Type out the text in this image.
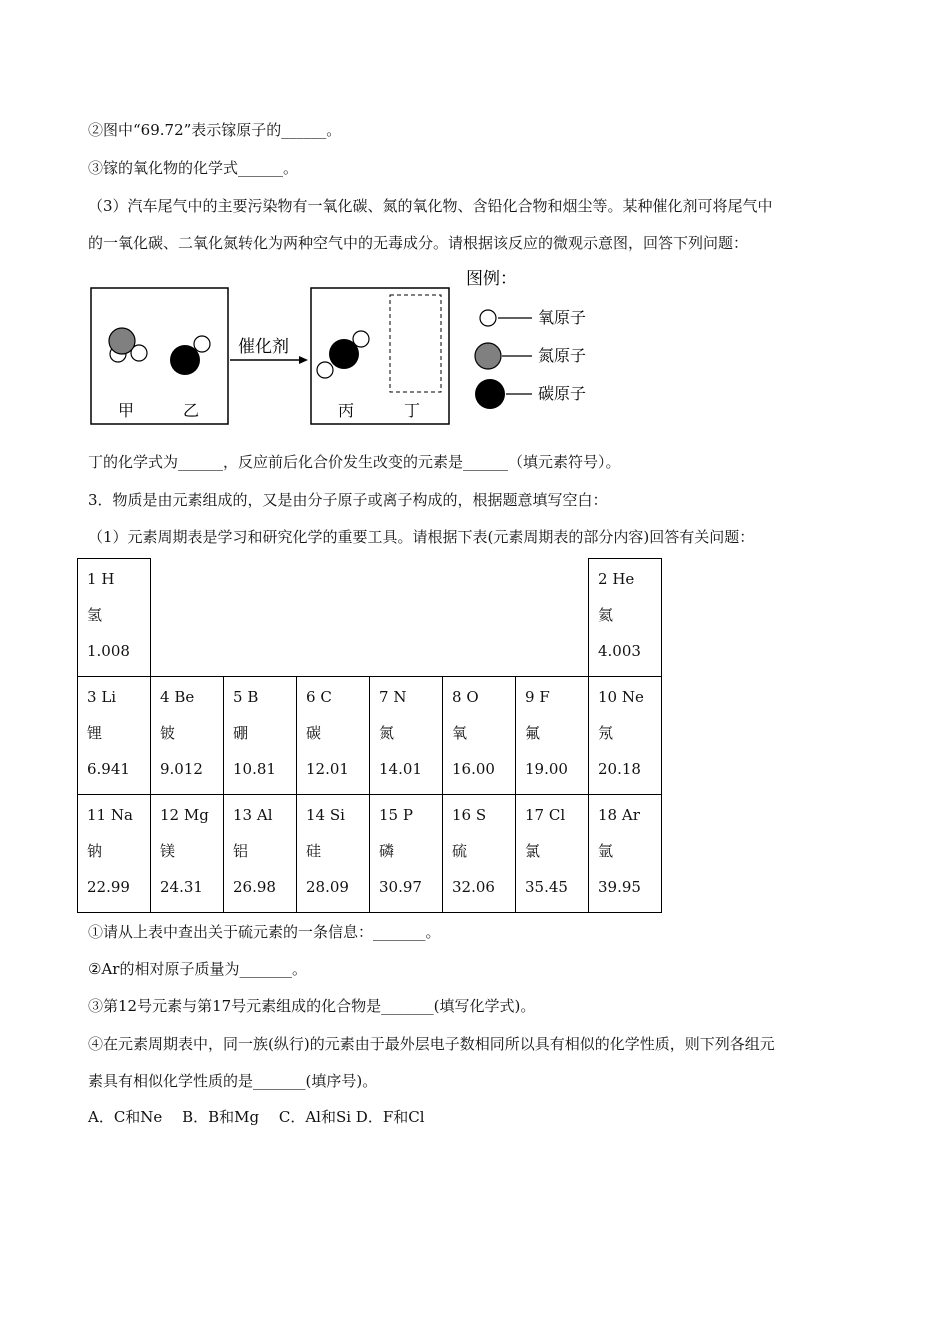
②图中“69.72”表示镓原子的______。
③镓的氧化物的化学式______。
（3）汽车尾气中的主要污染物有一氧化碳、氮的氧化物、含铅化合物和烟尘等。某种催化剂可将尾气中
的一氧化碳、二氧化氮转化为两种空气中的无毒成分。请根据该反应的微观示意图，回答下列问题：
甲	乙
催化剂
丙	丁
图例：
氧原子
氮原子
碳原子
丁的化学式为______，反应前后化合价发生改变的元素是______（填元素符号）。
3．物质是由元素组成的，又是由分子原子或离子构成的，根据题意填写空白：
（1）元素周期表是学习和研究化学的重要工具。请根据下表(元素周期表的部分内容)回答有关问题：
1 H
氢
1.008							2 He
氦
4.003

3 Li
锂
6.941	4 Be
铍
9.012	5 B
硼
10.81	6 C
碳
12.01	7 N
氮
14.01	8 O
氧
16.00	9 F
氟
19.00	10 Ne
氖
20.18

11 Na
钠
22.99	12 Mg
镁
24.31	13 Al
铝
26.98	14 Si
硅
28.09	15 P
磷
30.97	16 S
硫
32.06	17 Cl
氯
35.45	18 Ar
氩
39.95
①请从上表中查出关于硫元素的一条信息：_______。
②Ar的相对原子质量为_______。
③第12号元素与第17号元素组成的化合物是_______(填写化学式)。
④在元素周期表中，同一族(纵行)的元素由于最外层电子数相同所以具有相似的化学性质，则下列各组元
素具有相似化学性质的是_______(填序号)。
A．C和Ne　 B．B和Mg　 C．Al和Si D．F和Cl
